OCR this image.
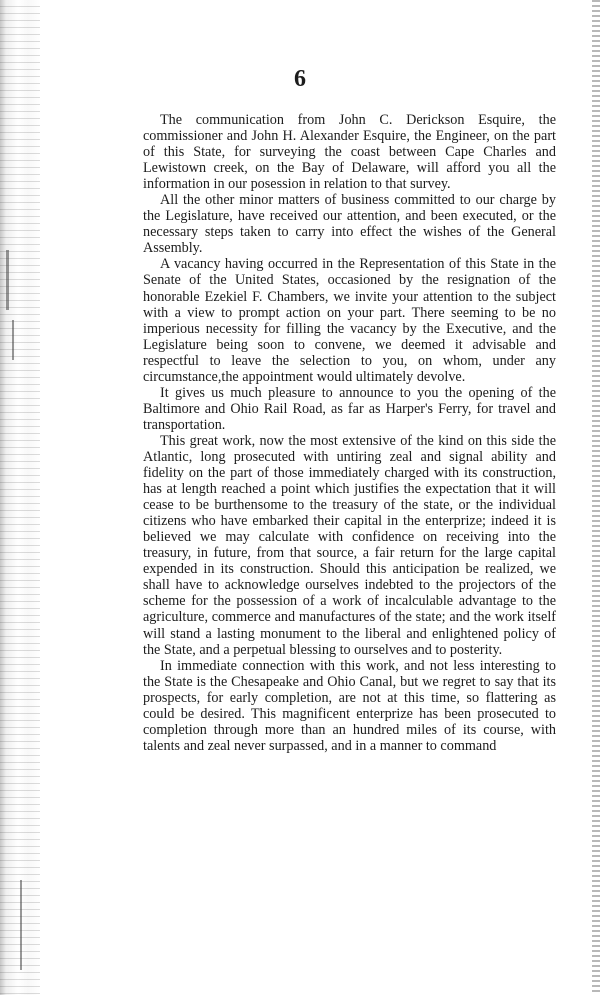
6

The communication from John C. Derickson Esquire, the commissioner and John H. Alexander Esquire, the Engineer, on the part of this State, for surveying the coast between Cape Charles and Lewistown creek, on the Bay of Delaware, will afford you all the information in our posession in relation to that survey.

All the other minor matters of business committed to our charge by the Legislature, have received our attention, and been executed, or the necessary steps taken to carry into effect the wishes of the General Assembly.

A vacancy having occurred in the Representation of this State in the Senate of the United States, occasioned by the resignation of the honorable Ezekiel F. Chambers, we invite your attention to the subject with a view to prompt action on your part. There seeming to be no imperious necessity for filling the vacancy by the Executive, and the Legislature being soon to convene, we deemed it advisable and respectful to leave the selection to you, on whom, under any circumstance,the appointment would ultimately devolve.

It gives us much pleasure to announce to you the opening of the Baltimore and Ohio Rail Road, as far as Harper's Ferry, for travel and transportation.

This great work, now the most extensive of the kind on this side the Atlantic, long prosecuted with untiring zeal and signal ability and fidelity on the part of those immediately charged with its construction, has at length reached a point which justifies the expectation that it will cease to be burthensome to the treasury of the state, or the individual citizens who have embarked their capital in the enterprize; indeed it is believed we may calculate with confidence on receiving into the treasury, in future, from that source, a fair return for the large capital expended in its construction. Should this anticipation be realized, we shall have to acknowledge ourselves indebted to the projectors of the scheme for the possession of a work of incalculable advantage to the agriculture, commerce and manufactures of the state; and the work itself will stand a lasting monument to the liberal and enlightened policy of the State, and a perpetual blessing to ourselves and to posterity.

In immediate connection with this work, and not less interesting to the State is the Chesapeake and Ohio Canal, but we regret to say that its prospects, for early completion, are not at this time, so flattering as could be desired. This magnificent enterprize has been prosecuted to completion through more than an hundred miles of its course, with talents and zeal never surpassed, and in a manner to command
